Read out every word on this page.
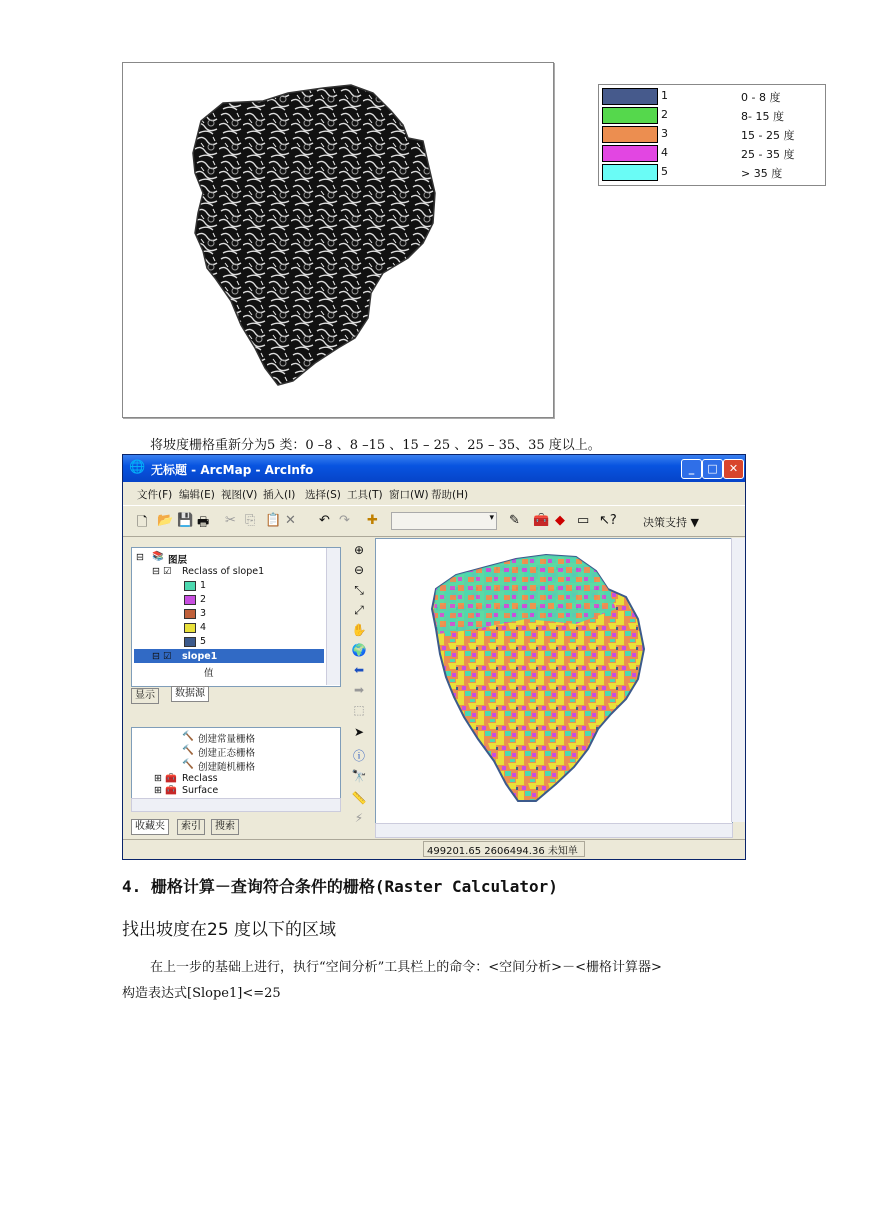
1	0 - 8 度
2	8- 15 度
3	15 - 25 度
4	25 - 35 度
5	> 35 度
将坡度栅格重新分为5 类：0 –8 、8 –15 、15 – 25 、25 – 35、35 度以上。
🌐 无标题 - ArcMap - ArcInfo	_	□	✕
文件(F) 编辑(E) 视图(V) 插入(I) 选择(S) 工具(T) 窗口(W) 帮助(H)
🗋 📂 💾 🖶 ✂ ⎘ 📋 ✕ ↶ ↷ ✚	▾ ✎ 🧰 ◆ ▭ ↖? 决策支持 ▼
⊟ 📚 图层
⊟ ☑ Reclass of slope1
1
2
3
4
5
⊟ ☑ slope1
值
显示	数据源
🔨 创建常量栅格
🔨 创建正态栅格
🔨 创建随机栅格
⊞ 🧰 Reclass
⊞ 🧰 Surface
收藏夹	索引	搜索
⊕
⊖
⤡
⤢
✋
🌍
⬅
➡
⬚
➤
ⓘ
🔭
📏
⚡
499201.65 2606494.36 未知单
4. 栅格计算－查询符合条件的栅格(Raster Calculator)
找出坡度在25 度以下的区域
在上一步的基础上进行，执行“空间分析”工具栏上的命令：<空间分析>－<栅格计算器>
构造表达式[Slope1]<=25
